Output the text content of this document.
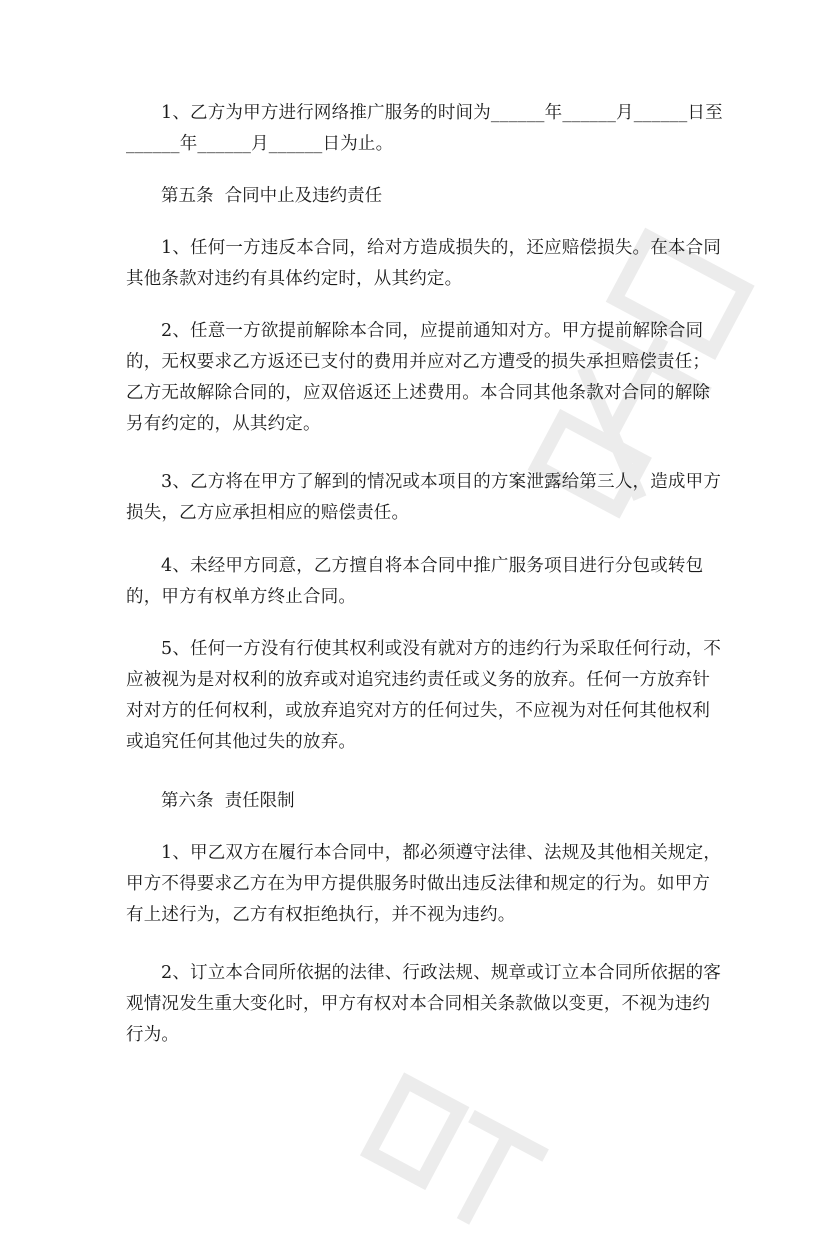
1、乙方为甲方进行网络推广服务的时间为______年______月______日至______年______月______日为止。

第五条  合同中止及违约责任

1、任何一方违反本合同，给对方造成损失的，还应赔偿损失。在本合同其他条款对违约有具体约定时，从其约定。

2、任意一方欲提前解除本合同，应提前通知对方。甲方提前解除合同的，无权要求乙方返还已支付的费用并应对乙方遭受的损失承担赔偿责任；乙方无故解除合同的，应双倍返还上述费用。本合同其他条款对合同的解除另有约定的，从其约定。

3、乙方将在甲方了解到的情况或本项目的方案泄露给第三人，造成甲方损失，乙方应承担相应的赔偿责任。

4、未经甲方同意，乙方擅自将本合同中推广服务项目进行分包或转包的，甲方有权单方终止合同。

5、任何一方没有行使其权利或没有就对方的违约行为采取任何行动，不应被视为是对权利的放弃或对追究违约责任或义务的放弃。任何一方放弃针对对方的任何权利，或放弃追究对方的任何过失，不应视为对任何其他权利或追究任何其他过失的放弃。

第六条  责任限制

1、甲乙双方在履行本合同中，都必须遵守法律、法规及其他相关规定，甲方不得要求乙方在为甲方提供服务时做出违反法律和规定的行为。如甲方有上述行为，乙方有权拒绝执行，并不视为违约。

2、订立本合同所依据的法律、行政法规、规章或订立本合同所依据的客观情况发生重大变化时，甲方有权对本合同相关条款做以变更，不视为违约行为。
